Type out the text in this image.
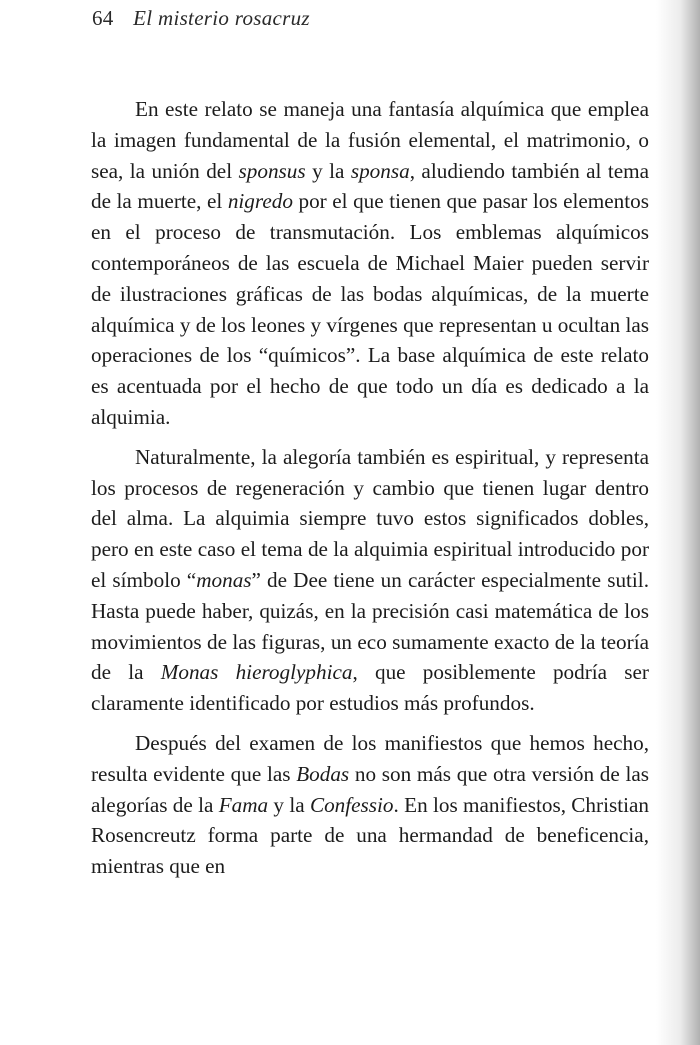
64 El misterio rosacruz

En este relato se maneja una fantasía alquímica que emplea la imagen fundamental de la fusión elemental, el matrimonio, o sea, la unión del sponsus y la sponsa, aludiendo también al tema de la muerte, el nigredo por el que tienen que pasar los elementos en el proceso de transmutación. Los emblemas alquímicos contemporáneos de las escuela de Michael Maier pueden servir de ilustraciones gráficas de las bodas alquímicas, de la muerte alquímica y de los leones y vírgenes que representan u ocultan las operaciones de los “químicos”. La base alquímica de este relato es acentuada por el hecho de que todo un día es dedicado a la alquimia.

Naturalmente, la alegoría también es espiritual, y representa los procesos de regeneración y cambio que tienen lugar dentro del alma. La alquimia siempre tuvo estos significados dobles, pero en este caso el tema de la alquimia espiritual introducido por el símbolo “monas” de Dee tiene un carácter especialmente sutil. Hasta puede haber, quizás, en la precisión casi matemática de los movimientos de las figuras, un eco sumamente exacto de la teoría de la Monas hieroglyphica, que posiblemente podría ser claramente identificado por estudios más profundos.

Después del examen de los manifiestos que hemos hecho, resulta evidente que las Bodas no son más que otra versión de las alegorías de la Fama y la Confessio. En los manifiestos, Christian Rosencreutz forma parte de una hermandad de beneficencia, mientras que en
